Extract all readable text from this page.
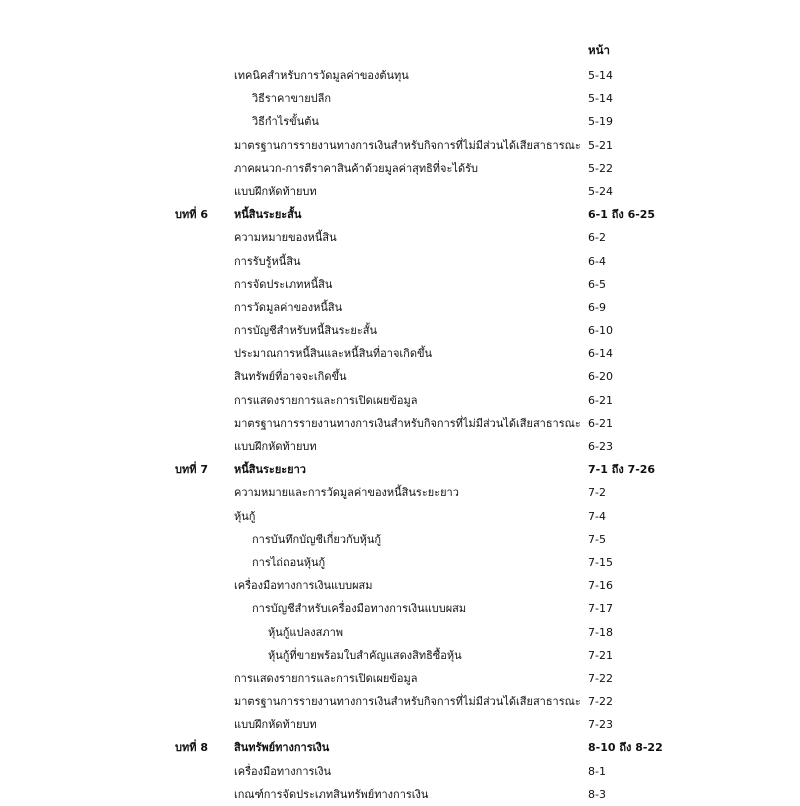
หน้า
เทคนิคสำหรับการวัดมูลค่าของต้นทุน	5-14
วิธีราคาขายปลีก	5-14
วิธีกำไรขั้นต้น	5-19
มาตรฐานการรายงานทางการเงินสำหรับกิจการที่ไม่มีส่วนได้เสียสาธารณะ 5-21
ภาคผนวก-การตีราคาสินค้าด้วยมูลค่าสุทธิที่จะได้รับ	5-22
แบบฝึกหัดท้ายบท	5-24
บทที่ 6 หนี้สินระยะสั้น	6-1 ถึง 6-25
ความหมายของหนี้สิน	6-2
การรับรู้หนี้สิน	6-4
การจัดประเภทหนี้สิน	6-5
การวัดมูลค่าของหนี้สิน	6-9
การบัญชีสำหรับหนี้สินระยะสั้น	6-10
ประมาณการหนี้สินและหนี้สินที่อาจเกิดขึ้น	6-14
สินทรัพย์ที่อาจจะเกิดขึ้น	6-20
การแสดงรายการและการเปิดเผยข้อมูล	6-21
มาตรฐานการรายงานทางการเงินสำหรับกิจการที่ไม่มีส่วนได้เสียสาธารณะ 6-21
แบบฝึกหัดท้ายบท	6-23
บทที่ 7 หนี้สินระยะยาว	7-1 ถึง 7-26
ความหมายและการวัดมูลค่าของหนี้สินระยะยาว	7-2
หุ้นกู้	7-4
การบันทึกบัญชีเกี่ยวกับหุ้นกู้	7-5
การไถ่ถอนหุ้นกู้	7-15
เครื่องมือทางการเงินแบบผสม	7-16
การบัญชีสำหรับเครื่องมือทางการเงินแบบผสม	7-17
หุ้นกู้แปลงสภาพ	7-18
หุ้นกู้ที่ขายพร้อมใบสำคัญแสดงสิทธิซื้อหุ้น	7-21
การแสดงรายการและการเปิดเผยข้อมูล	7-22
มาตรฐานการรายงานทางการเงินสำหรับกิจการที่ไม่มีส่วนได้เสียสาธารณะ 7-22
แบบฝึกหัดท้ายบท	7-23
บทที่ 8 สินทรัพย์ทางการเงิน	8-10 ถึง 8-22
เครื่องมือทางการเงิน	8-1
เกณฑ์การจัดประเภทสินทรัพย์ทางการเงิน	8-3
